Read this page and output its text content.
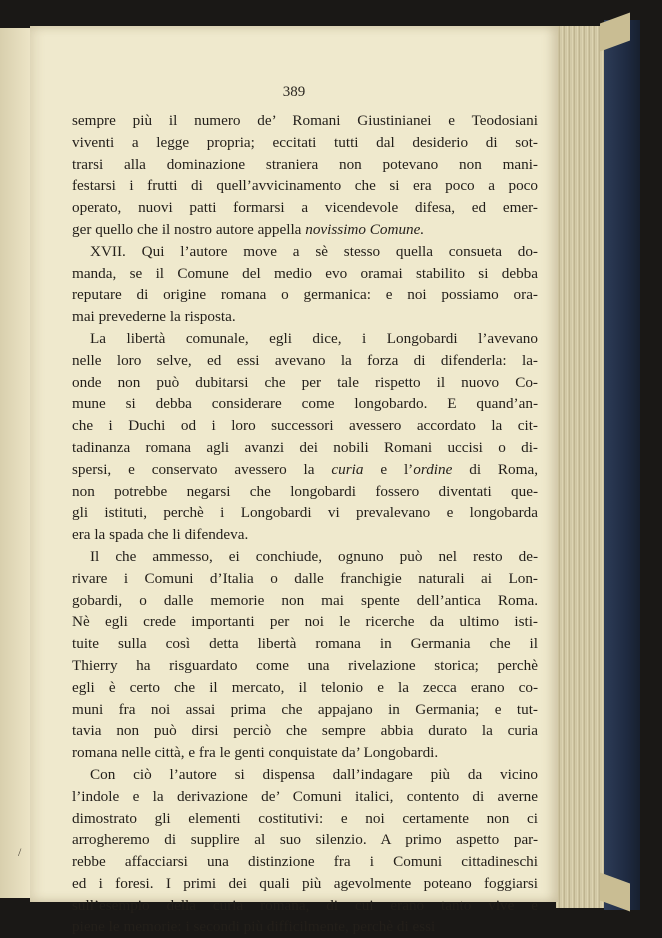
389
sempre più il numero de’ Romani Giustinianei e Teodosiani
viventi a legge propria; eccitati tutti dal desiderio di sot-
trarsi alla dominazione straniera non potevano non mani-
festarsi i frutti di quell’avvicinamento che si era poco a poco
operato, nuovi patti formarsi a vicendevole difesa, ed emer-
ger quello che il nostro autore appella novissimo Comune.
XVII. Qui l’autore move a sè stesso quella consueta do-
manda, se il Comune del medio evo oramai stabilito si debba
reputare di origine romana o germanica: e noi possiamo ora-
mai prevederne la risposta.
La libertà comunale, egli dice, i Longobardi l’avevano
nelle loro selve, ed essi avevano la forza di difenderla: la-
onde non può dubitarsi che per tale rispetto il nuovo Co-
mune si debba considerare come longobardo. E quand’an-
che i Duchi od i loro successori avessero accordato la cit-
tadinanza romana agli avanzi dei nobili Romani uccisi o di-
spersi, e conservato avessero la curia e l’ordine di Roma,
non potrebbe negarsi che longobardi fossero diventati que-
gli istituti, perchè i Longobardi vi prevalevano e longobarda
era la spada che li difendeva.
Il che ammesso, ei conchiude, ognuno può nel resto de-
rivare i Comuni d’Italia o dalle franchigie naturali ai Lon-
gobardi, o dalle memorie non mai spente dell’antica Roma.
Nè egli crede importanti per noi le ricerche da ultimo isti-
tuite sulla così detta libertà romana in Germania che il
Thierry ha risguardato come una rivelazione storica; perchè
egli è certo che il mercato, il telonio e la zecca erano co-
muni fra noi assai prima che appajano in Germania; e tut-
tavia non può dirsi perciò che sempre abbia durato la curia
romana nelle città, e fra le genti conquistate da’ Longobardi.
Con ciò l’autore si dispensa dall’indagare più da vicino
l’indole e la derivazione de’ Comuni italici, contento di averne
dimostrato gli elementi costitutivi: e noi certamente non ci
arrogheremo di supplire al suo silenzio. A primo aspetto par-
rebbe affacciarsi una distinzione fra i Comuni cittadineschi
ed i foresi. I primi dei quali più agevolmente poteano foggiarsi
sull’esempio della curia romana, di cui erano tanto vive e
piene le memorie: i secondi più difficilmente, perchè di essi
/
